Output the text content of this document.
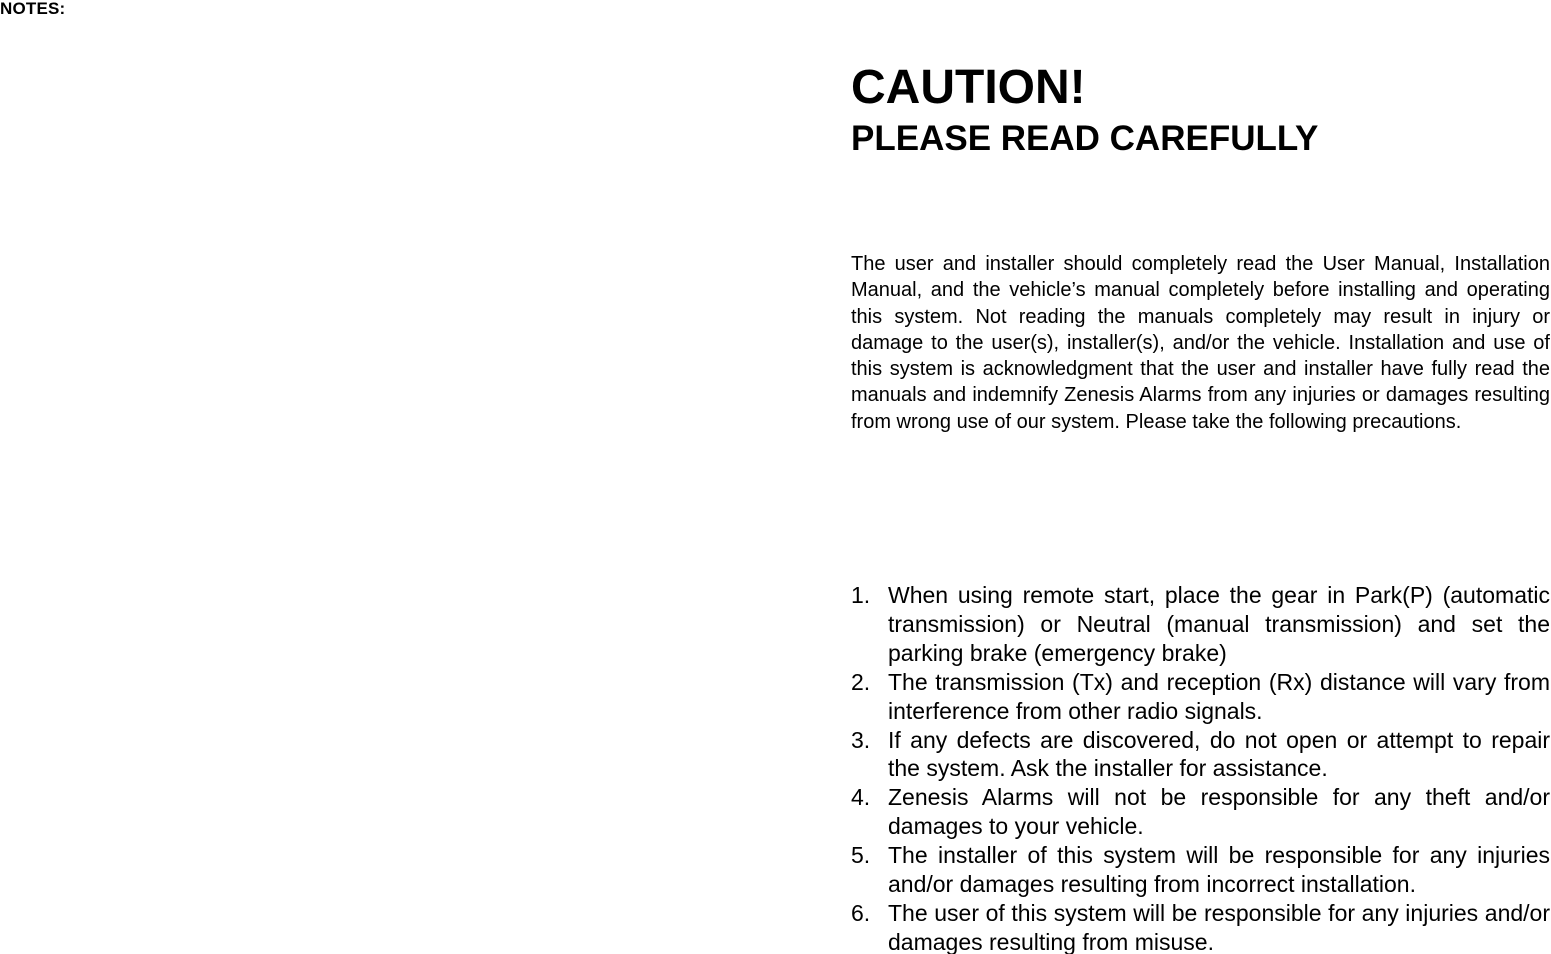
NOTES:
CAUTION!
PLEASE READ CAREFULLY

The user and installer should completely read the User Manual, Installation Manual, and the vehicle’s manual completely before installing and operating this system. Not reading the manuals completely may result in injury or damage to the user(s), installer(s), and/or the vehicle. Installation and use of this system is acknowledgment that the user and installer have fully read the manuals and indemnify Zenesis Alarms from any injuries or damages resulting from wrong use of our system. Please take the following precautions.

1. When using remote start, place the gear in Park(P) (automatic transmission) or Neutral (manual transmission) and set the parking brake (emergency brake)
2. The transmission (Tx) and reception (Rx) distance will vary from interference from other radio signals.
3. If any defects are discovered, do not open or attempt to repair the system. Ask the installer for assistance.
4. Zenesis Alarms will not be responsible for any theft and/or damages to your vehicle.
5. The installer of this system will be responsible for any injuries and/or damages resulting from incorrect installation.
6. The user of this system will be responsible for any injuries and/or damages resulting from misuse.
